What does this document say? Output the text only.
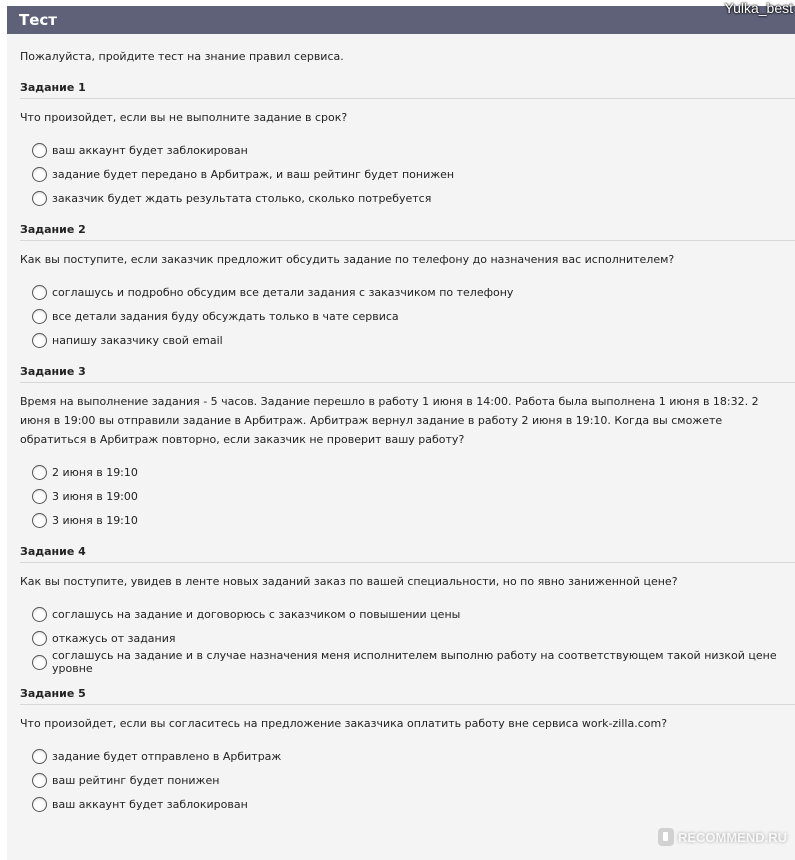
Тест

Пожалуйста, пройдите тест на знание правил сервиса.

Задание 1

Что произойдет, если вы не выполните задание в срок?

ваш аккаунт будет заблокирован
задание будет передано в Арбитраж, и ваш рейтинг будет понижен
заказчик будет ждать результата столько, сколько потребуется

Задание 2

Как вы поступите, если заказчик предложит обсудить задание по телефону до назначения вас исполнителем?

соглашусь и подробно обсудим все детали задания с заказчиком по телефону
все детали задания буду обсуждать только в чате сервиса
напишу заказчику свой email

Задание 3

Время на выполнение задания - 5 часов. Задание перешло в работу 1 июня в 14:00. Работа была выполнена 1 июня в 18:32. 2 июня в 19:00 вы отправили задание в Арбитраж. Арбитраж вернул задание в работу 2 июня в 19:10. Когда вы сможете обратиться в Арбитраж повторно, если заказчик не проверит вашу работу?

2 июня в 19:10
3 июня в 19:00
3 июня в 19:10

Задание 4

Как вы поступите, увидев в ленте новых заданий заказ по вашей специальности, но по явно заниженной цене?

соглашусь на задание и договорюсь с заказчиком о повышении цены
откажусь от задания
соглашусь на задание и в случае назначения меня исполнителем выполню работу на соответствующем такой низкой цене уровне

Задание 5

Что произойдет, если вы согласитесь на предложение заказчика оплатить работу вне сервиса work-zilla.com?

задание будет отправлено в Арбитраж
ваш рейтинг будет понижен
ваш аккаунт будет заблокирован
Yulka_best
RECOMMEND.RU
